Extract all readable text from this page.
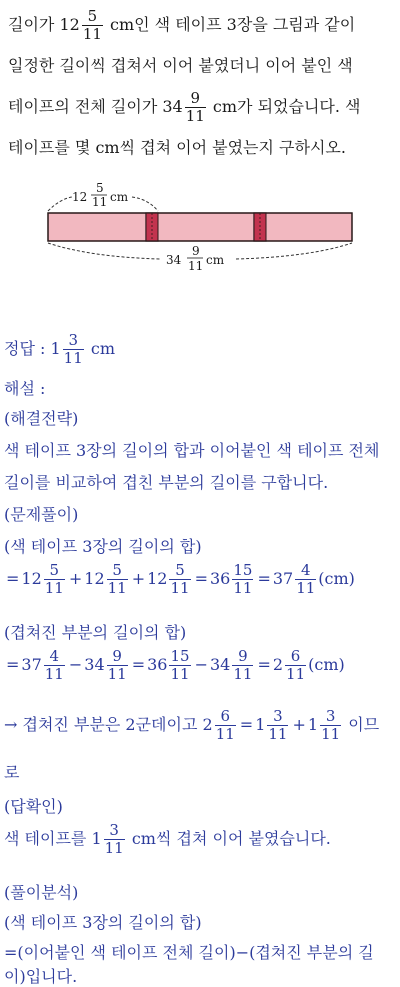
길이가 $12 \frac{5}{11}$ cm인 색 테이프 3장을 그림과 같이
일정한 길이씩 겹쳐서 이어 붙였더니 이어 붙인 색
테이프의 전체 길이가 $34 \frac{9}{11}$ cm가 되었습니다. 색
테이프를 몇 cm씩 겹쳐 이어 붙였는지 구하시오.
12
5
11 cm
34
9
11 cm
정답 : $1 \frac{3}{11}$ cm
해설 :
(해결전략)
색 테이프 3장의 길이의 합과 이어붙인 색 테이프 전체
길이를 비교하여 겹친 부분의 길이를 구합니다.
(문제풀이)
(색 테이프 3장의 길이의 합)
= $12 \frac{5}{11} + 12 \frac{5}{11} + 12 \frac{5}{11} = 36 \frac{15}{11} = 37 \frac{4}{11} (cm)$
(겹쳐진 부분의 길이의 합)
= $37 \frac{4}{11} - 34 \frac{9}{11} = 36 \frac{15}{11} - 34 \frac{9}{11} = 2 \frac{6}{11} (cm)$
→ 겹쳐진 부분은 2군데이고 $2 \frac{6}{11} = 1 \frac{3}{11} + 1 \frac{3}{11}$ 이므
로
(답확인)
색 테이프를 $1 \frac{3}{11}$ cm씩 겹쳐 이어 붙였습니다.
(풀이분석)
(색 테이프 3장의 길이의 합)
=(이어붙인 색 테이프 전체 길이)−(겹쳐진 부분의 길
이)입니다.
